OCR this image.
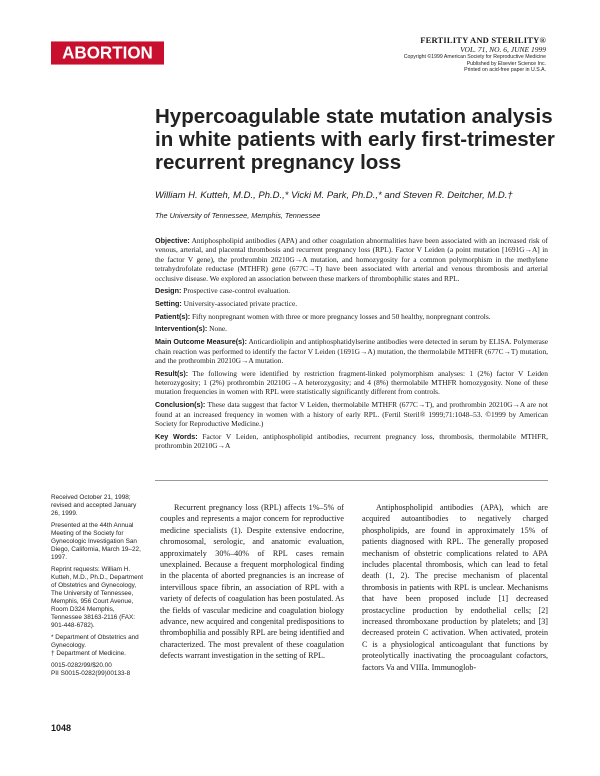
ABORTION
FERTILITY AND STERILITY®
VOL. 71, NO. 6, JUNE 1999
Copyright ©1999 American Society for Reproductive Medicine
Published by Elsevier Science Inc.
Printed on acid-free paper in U.S.A.
Hypercoagulable state mutation analysis in white patients with early first-trimester recurrent pregnancy loss
William H. Kutteh, M.D., Ph.D.,* Vicki M. Park, Ph.D.,* and Steven R. Deitcher, M.D.†
The University of Tennessee, Memphis, Tennessee

Objective: Antiphospholipid antibodies (APA) and other coagulation abnormalities have been associated with an increased risk of venous, arterial, and placental thrombosis and recurrent pregnancy loss (RPL). Factor V Leiden (a point mutation [1691G→A] in the factor V gene), the prothrombin 20210G→A mutation, and homozygosity for a common polymorphism in the methylene tetrahydrofolate reductase (MTHFR) gene (677C→T) have been associated with arterial and venous thrombosis and arterial occlusive disease. We explored an association between these markers of thrombophilic states and RPL.

Design: Prospective case-control evaluation.

Setting: University-associated private practice.

Patient(s): Fifty nonpregnant women with three or more pregnancy losses and 50 healthy, nonpregnant controls.

Intervention(s): None.

Main Outcome Measure(s): Anticardiolipin and antiphosphatidylserine antibodies were detected in serum by ELISA. Polymerase chain reaction was performed to identify the factor V Leiden (1691G→A) mutation, the thermolabile MTHFR (677C→T) mutation, and the prothrombin 20210G→A mutation.

Result(s): The following were identified by restriction fragment-linked polymorphism analyses: 1 (2%) factor V Leiden heterozygosity; 1 (2%) prothrombin 20210G→A heterozygosity; and 4 (8%) thermolabile MTHFR homozygosity. None of these mutation frequencies in women with RPL were statistically significantly different from controls.

Conclusion(s): These data suggest that factor V Leiden, thermolabile MTHFR (677C→T), and prothrombin 20210G→A are not found at an increased frequency in women with a history of early RPL. (Fertil Steril® 1999;71:1048–53. ©1999 by American Society for Reproductive Medicine.)

Key Words: Factor V Leiden, antiphospholipid antibodies, recurrent pregnancy loss, thrombosis, thermolabile MTHFR, prothrombin 20210G→A

Received October 21, 1998; revised and accepted January 26, 1999.

Presented at the 44th Annual Meeting of the Society for Gynecologic Investigation San Diego, California, March 19–22, 1997.

Reprint requests: William H. Kutteh, M.D., Ph.D., Department of Obstetrics and Gynecology, The University of Tennessee, Memphis, 956 Court Avenue, Room D324 Memphis, Tennessee 38163-2116 (FAX: 901-448-6782).

* Department of Obstetrics and Gynecology.

† Department of Medicine.

0015-0282/99/$20.00

PII S0015-0282(99)00133-8

Recurrent pregnancy loss (RPL) affects 1%–5% of couples and represents a major concern for reproductive medicine specialists (1). Despite extensive endocrine, chromosomal, serologic, and anatomic evaluation, approximately 30%–40% of RPL cases remain unexplained. Because a frequent morphological finding in the placenta of aborted pregnancies is an increase of intervillous space fibrin, an association of RPL with a variety of defects of coagulation has been postulated. As the fields of vascular medicine and coagulation biology advance, new acquired and congenital predispositions to thrombophilia and possibly RPL are being identified and characterized. The most prevalent of these coagulation defects warrant investigation in the setting of RPL.

Antiphospholipid antibodies (APA), which are acquired autoantibodies to negatively charged phospholipids, are found in approximately 15% of patients diagnosed with RPL. The generally proposed mechanism of obstetric complications related to APA includes placental thrombosis, which can lead to fetal death (1, 2). The precise mechanism of placental thrombosis in patients with RPL is unclear. Mechanisms that have been proposed include [1] decreased prostacycline production by endothelial cells; [2] increased thromboxane production by platelets; and [3] decreased protein C activation. When activated, protein C is a physiological anticoagulant that functions by proteolytically inactivating the procoagulant cofactors, factors Va and VIIIa. Immunoglob-

1048
